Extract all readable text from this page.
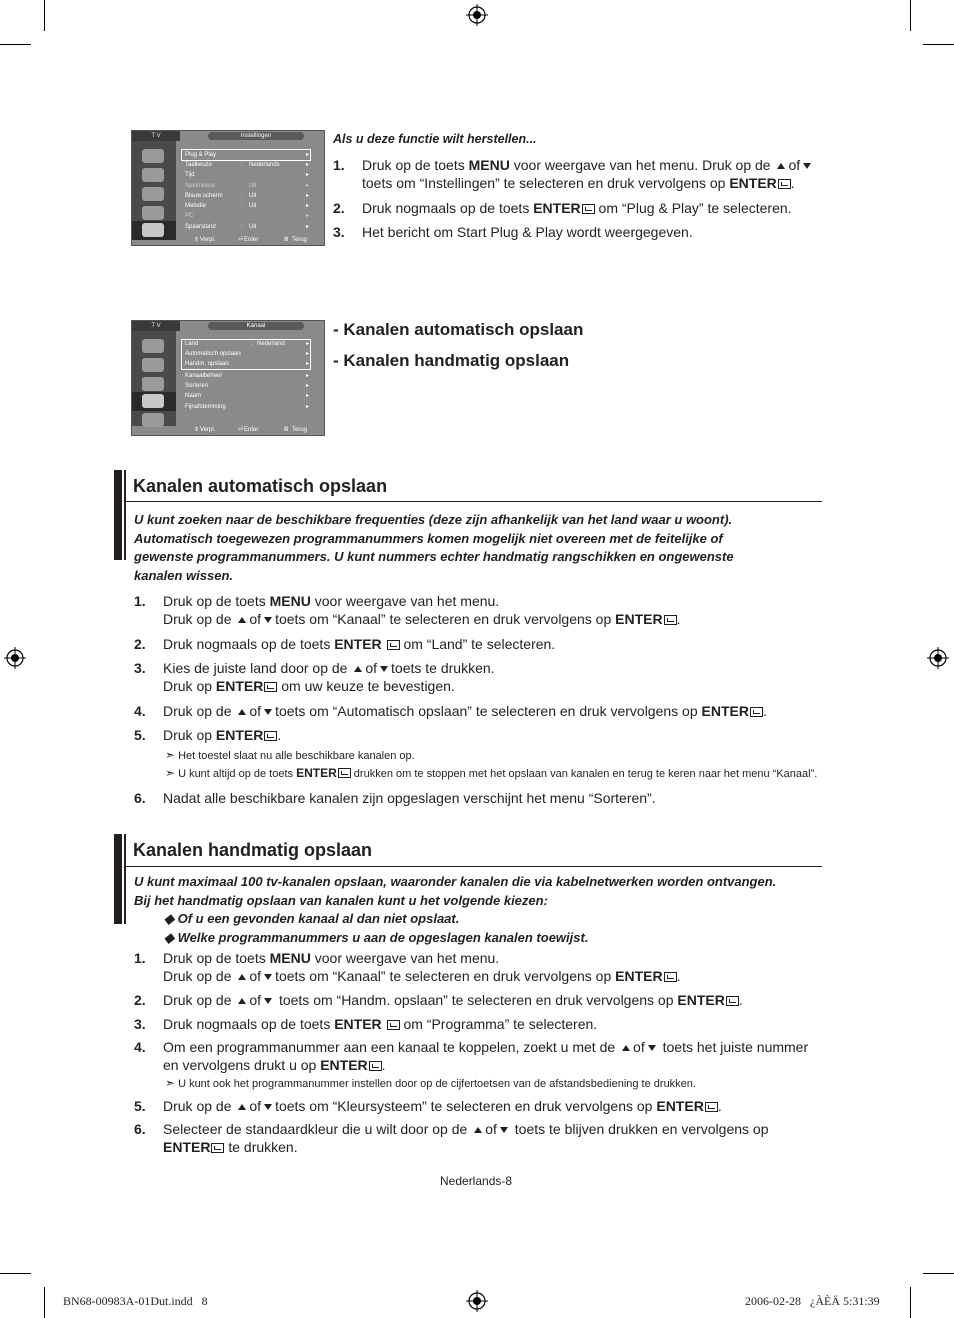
T V	Instellingen
Plug & Play	▸
Taalkeuze	: Nederlands	▸
Tijd	▸
Spelmodus	: Uit	▸
Blauw scherm	: Uit	▸
Melodie	: Uit	▸
PC	▸
Spaarstand	: Uit	▸
⇕ Verpl.	⏎ Enter	Ⅲ Terug
Als u deze functie wilt herstellen...
1. Druk op de toets MENU voor weergave van het menu. Druk op de of
toets om “Instellingen” te selecteren en druk vervolgens op ENTER .
2. Druk nogmaals op de toets ENTER om “Plug & Play” te selecteren.
3. Het bericht om Start Plug & Play wordt weergegeven.
T V	Kanaal
Land	: Nederland	▸
Automatisch opslaan	▸
Handm. opslaan	▸
Kanaalbeheer	▸
Sorteren	▸
Naam	▸
Fijnafstemming	▸
⇕ Verpl.	⏎ Enter	Ⅲ Terug
- Kanalen automatisch opslaan
- Kanalen handmatig opslaan
Kanalen automatisch opslaan
U kunt zoeken naar de beschikbare frequenties (deze zijn afhankelijk van het land waar u woont).
Automatisch toegewezen programmanummers komen mogelijk niet overeen met de feitelijke of
gewenste programmanummers. U kunt nummers echter handmatig rangschikken en ongewenste
kanalen wissen.
1. Druk op de toets MENU voor weergave van het menu.
Druk op de of toets om “Kanaal” te selecteren en druk vervolgens op ENTER .
2. Druk nogmaals op de toets ENTER  om “Land” te selecteren.
3. Kies de juiste land door op de of toets te drukken.
Druk op ENTER om uw keuze te bevestigen.
4. Druk op de of toets om “Automatisch opslaan” te selecteren en druk vervolgens op ENTER .
5. Druk op ENTER .
➣ Het toestel slaat nu alle beschikbare kanalen op.
➣ U kunt altijd op de toets ENTER drukken om te stoppen met het opslaan van kanalen en terug te keren naar het menu “Kanaal”.
6. Nadat alle beschikbare kanalen zijn opgeslagen verschijnt het menu “Sorteren”.
Kanalen handmatig opslaan
U kunt maximaal 100 tv-kanalen opslaan, waaronder kanalen die via kabelnetwerken worden ontvangen.
Bij het handmatig opslaan van kanalen kunt u het volgende kiezen:
◆ Of u een gevonden kanaal al dan niet opslaat.
◆ Welke programmanummers u aan de opgeslagen kanalen toewijst.
1. Druk op de toets MENU voor weergave van het menu.
Druk op de of toets om “Kanaal” te selecteren en druk vervolgens op ENTER .
2. Druk op de of toets om “Handm. opslaan” te selecteren en druk vervolgens op ENTER .
3. Druk nogmaals op de toets ENTER  om “Programma” te selecteren.
4. Om een programmanummer aan een kanaal te koppelen, zoekt u met de of toets het juiste nummer
en vervolgens drukt u op ENTER .
➣ U kunt ook het programmanummer instellen door op de cijfertoetsen van de afstandsbediening te drukken.
5. Druk op de of toets om “Kleursysteem” te selecteren en druk vervolgens op ENTER .
6. Selecteer de standaardkleur die u wilt door op de of toets te blijven drukken en vervolgens op
ENTER te drukken.
Nederlands-8
BN68-00983A-01Dut.indd   8	2006-02-28   ¿ÀÈÄ 5:31:39
